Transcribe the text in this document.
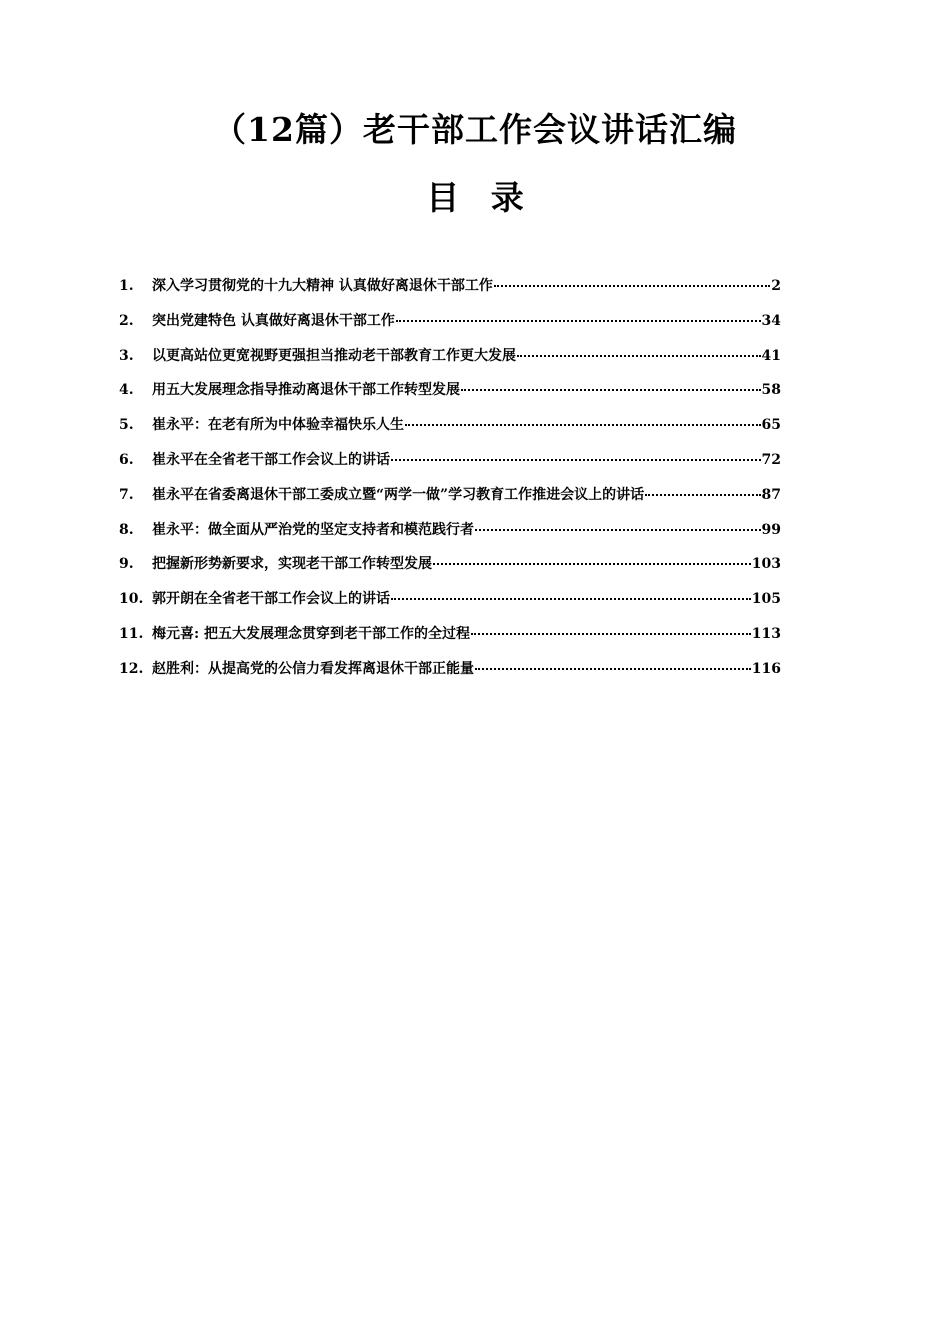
（12篇）老干部工作会议讲话汇编
目 录
1.	深入学习贯彻党的十九大精神 认真做好离退休干部工作	2
2.	突出党建特色 认真做好离退休干部工作	34
3.	以更高站位更宽视野更强担当推动老干部教育工作更大发展	41
4.	用五大发展理念指导推动离退休干部工作转型发展	58
5.	崔永平：在老有所为中体验幸福快乐人生	65
6.	崔永平在全省老干部工作会议上的讲话	72
7.	崔永平在省委离退休干部工委成立暨“两学一做”学习教育工作推进会议上的讲话	87
8.	崔永平：做全面从严治党的坚定支持者和模范践行者	99
9.	把握新形势新要求，实现老干部工作转型发展	103
10. 郭开朗在全省老干部工作会议上的讲话	105
11. 梅元喜: 把五大发展理念贯穿到老干部工作的全过程	113
12. 赵胜利：从提高党的公信力看发挥离退休干部正能量	116
